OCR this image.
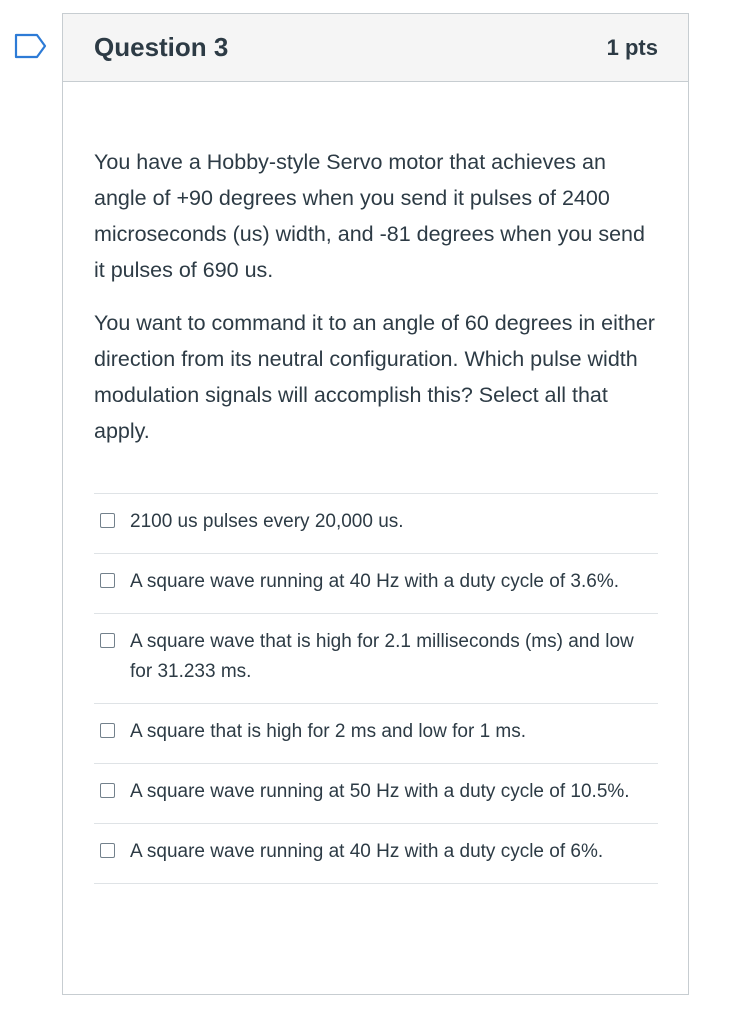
Question 3	1 pts

You have a Hobby-style Servo motor that achieves an angle of +90 degrees when you send it pulses of 2400 microseconds (us) width, and -81 degrees when you send it pulses of 690 us.

You want to command it to an angle of 60 degrees in either direction from its neutral configuration. Which pulse width modulation signals will accomplish this? Select all that apply.

2100 us pulses every 20,000 us.
A square wave running at 40 Hz with a duty cycle of 3.6%.
A square wave that is high for 2.1 milliseconds (ms) and low for 31.233 ms.
A square that is high for 2 ms and low for 1 ms.
A square wave running at 50 Hz with a duty cycle of 10.5%.
A square wave running at 40 Hz with a duty cycle of 6%.
